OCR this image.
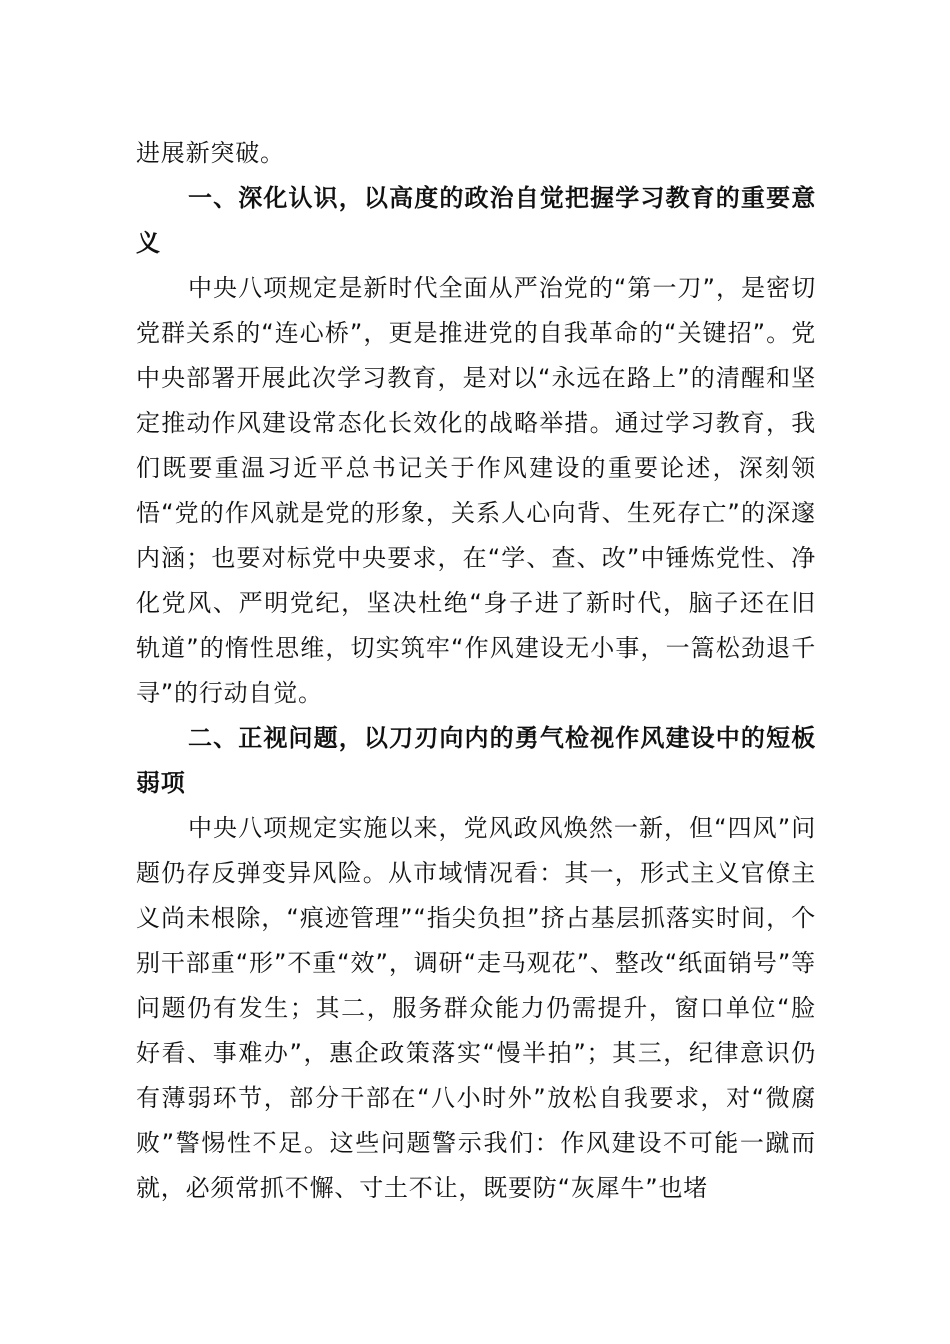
进展新突破。

一、深化认识，以高度的政治自觉把握学习教育的重要意义

中央八项规定是新时代全面从严治党的“第一刀”，是密切党群关系的“连心桥”，更是推进党的自我革命的“关键招”。党中央部署开展此次学习教育，是对以“永远在路上”的清醒和坚定推动作风建设常态化长效化的战略举措。通过学习教育，我们既要重温习近平总书记关于作风建设的重要论述，深刻领悟“党的作风就是党的形象，关系人心向背、生死存亡”的深邃内涵；也要对标党中央要求，在“学、查、改”中锤炼党性、净化党风、严明党纪，坚决杜绝“身子进了新时代，脑子还在旧轨道”的惰性思维，切实筑牢“作风建设无小事，一篙松劲退千寻”的行动自觉。

二、正视问题，以刀刃向内的勇气检视作风建设中的短板弱项

中央八项规定实施以来，党风政风焕然一新，但“四风”问题仍存反弹变异风险。从市域情况看：其一，形式主义官僚主义尚未根除，“痕迹管理”“指尖负担”挤占基层抓落实时间，个别干部重“形”不重“效”，调研“走马观花”、整改“纸面销号”等问题仍有发生；其二，服务群众能力仍需提升，窗口单位“脸好看、事难办”，惠企政策落实“慢半拍”；其三，纪律意识仍有薄弱环节，部分干部在“八小时外”放松自我要求，对“微腐败”警惕性不足。这些问题警示我们：作风建设不可能一蹴而就，必须常抓不懈、寸土不让，既要防“灰犀牛”也堵
